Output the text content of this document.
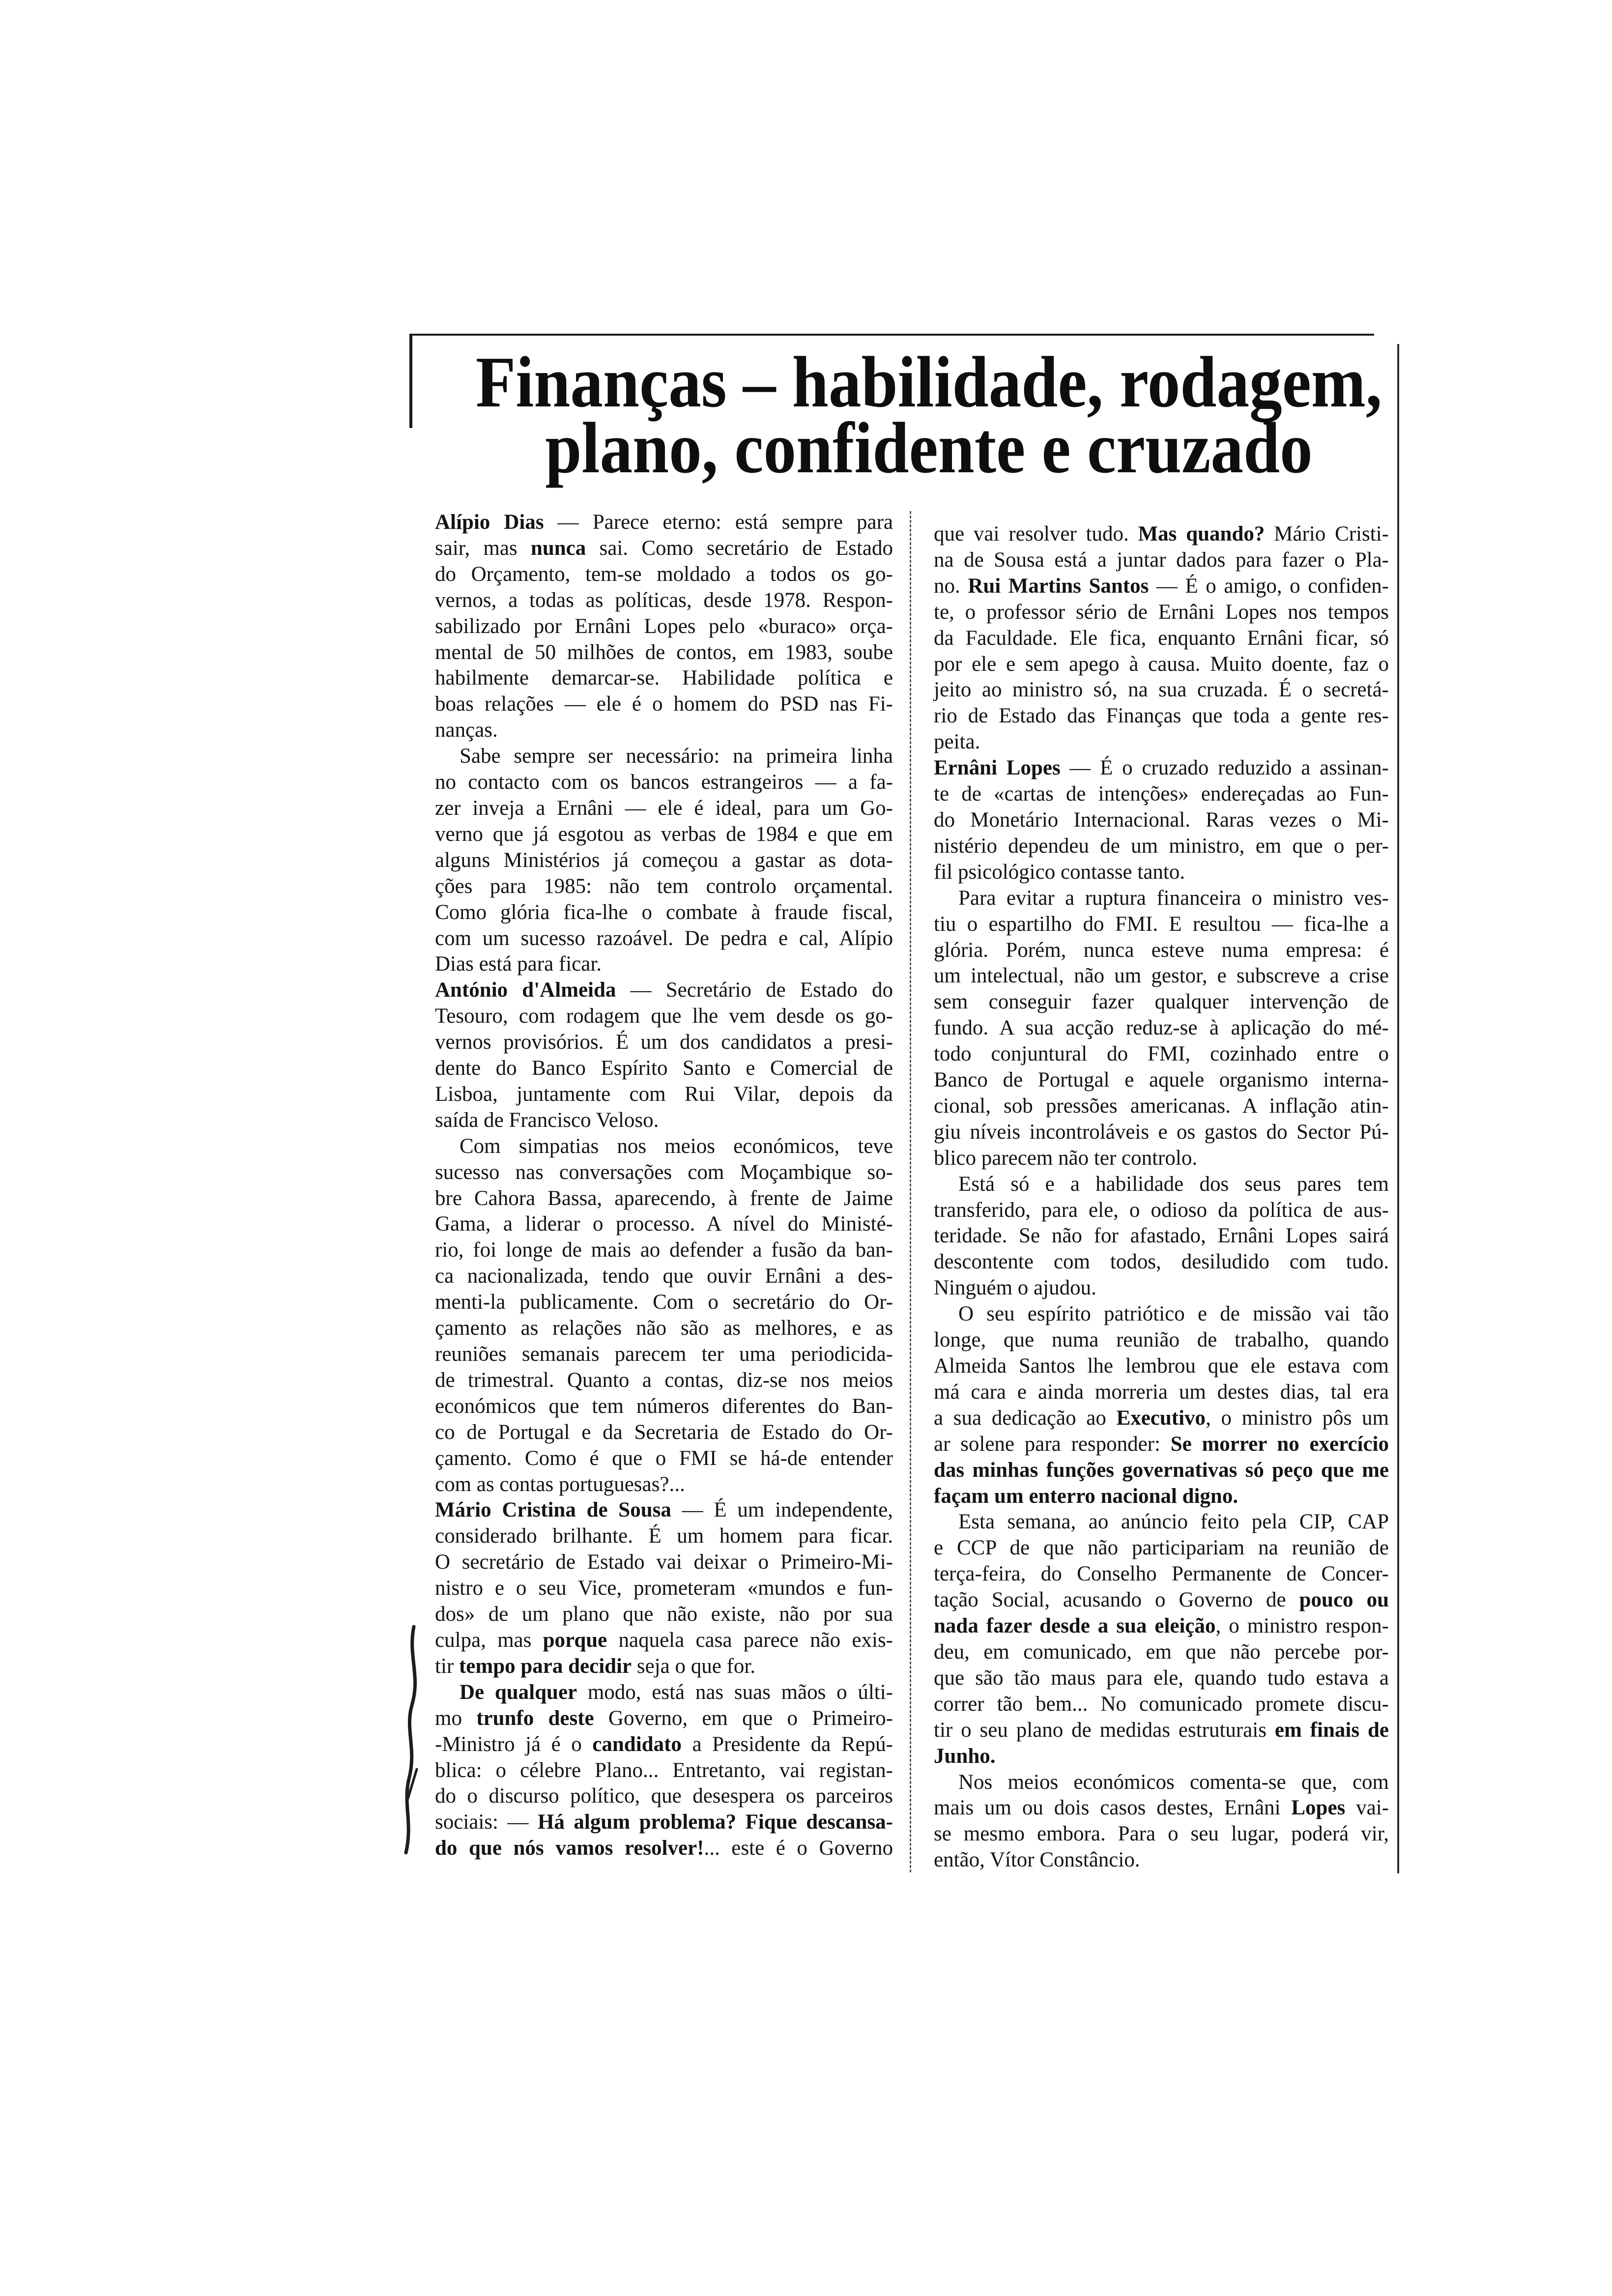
Finanças – habilidade, rodagem,
plano, confidente e cruzado
Alípio Dias — Parece eterno: está sempre para
sair, mas nunca sai. Como secretário de Estado
do Orçamento, tem-se moldado a todos os go-
vernos, a todas as políticas, desde 1978. Respon-
sabilizado por Ernâni Lopes pelo «buraco» orça-
mental de 50 milhões de contos, em 1983, soube
habilmente demarcar-se. Habilidade política e
boas relações — ele é o homem do PSD nas Fi-
nanças.
Sabe sempre ser necessário: na primeira linha
no contacto com os bancos estrangeiros — a fa-
zer inveja a Ernâni — ele é ideal, para um Go-
verno que já esgotou as verbas de 1984 e que em
alguns Ministérios já começou a gastar as dota-
ções para 1985: não tem controlo orçamental.
Como glória fica-lhe o combate à fraude fiscal,
com um sucesso razoável. De pedra e cal, Alípio
Dias está para ficar.
António d'Almeida — Secretário de Estado do
Tesouro, com rodagem que lhe vem desde os go-
vernos provisórios. É um dos candidatos a presi-
dente do Banco Espírito Santo e Comercial de
Lisboa, juntamente com Rui Vilar, depois da
saída de Francisco Veloso.
Com simpatias nos meios económicos, teve
sucesso nas conversações com Moçambique so-
bre Cahora Bassa, aparecendo, à frente de Jaime
Gama, a liderar o processo. A nível do Ministé-
rio, foi longe de mais ao defender a fusão da ban-
ca nacionalizada, tendo que ouvir Ernâni a des-
menti-la publicamente. Com o secretário do Or-
çamento as relações não são as melhores, e as
reuniões semanais parecem ter uma periodicida-
de trimestral. Quanto a contas, diz-se nos meios
económicos que tem números diferentes do Ban-
co de Portugal e da Secretaria de Estado do Or-
çamento. Como é que o FMI se há-de entender
com as contas portuguesas?...
Mário Cristina de Sousa — É um independente,
considerado brilhante. É um homem para ficar.
O secretário de Estado vai deixar o Primeiro-Mi-
nistro e o seu Vice, prometeram «mundos e fun-
dos» de um plano que não existe, não por sua
culpa, mas porque naquela casa parece não exis-
tir tempo para decidir seja o que for.
De qualquer modo, está nas suas mãos o últi-
mo trunfo deste Governo, em que o Primeiro-
-Ministro já é o candidato a Presidente da Repú-
blica: o célebre Plano... Entretanto, vai registan-
do o discurso político, que desespera os parceiros
sociais: — Há algum problema? Fique descansa-
do que nós vamos resolver!... este é o Governo
que vai resolver tudo. Mas quando? Mário Cristi-
na de Sousa está a juntar dados para fazer o Pla-
no. Rui Martins Santos — É o amigo, o confiden-
te, o professor sério de Ernâni Lopes nos tempos
da Faculdade. Ele fica, enquanto Ernâni ficar, só
por ele e sem apego à causa. Muito doente, faz o
jeito ao ministro só, na sua cruzada. É o secretá-
rio de Estado das Finanças que toda a gente res-
peita.
Ernâni Lopes — É o cruzado reduzido a assinan-
te de «cartas de intenções» endereçadas ao Fun-
do Monetário Internacional. Raras vezes o Mi-
nistério dependeu de um ministro, em que o per-
fil psicológico contasse tanto.
Para evitar a ruptura financeira o ministro ves-
tiu o espartilho do FMI. E resultou — fica-lhe a
glória. Porém, nunca esteve numa empresa: é
um intelectual, não um gestor, e subscreve a crise
sem conseguir fazer qualquer intervenção de
fundo. A sua acção reduz-se à aplicação do mé-
todo conjuntural do FMI, cozinhado entre o
Banco de Portugal e aquele organismo interna-
cional, sob pressões americanas. A inflação atin-
giu níveis incontroláveis e os gastos do Sector Pú-
blico parecem não ter controlo.
Está só e a habilidade dos seus pares tem
transferido, para ele, o odioso da política de aus-
teridade. Se não for afastado, Ernâni Lopes sairá
descontente com todos, desiludido com tudo.
Ninguém o ajudou.
O seu espírito patriótico e de missão vai tão
longe, que numa reunião de trabalho, quando
Almeida Santos lhe lembrou que ele estava com
má cara e ainda morreria um destes dias, tal era
a sua dedicação ao Executivo, o ministro pôs um
ar solene para responder: Se morrer no exercício
das minhas funções governativas só peço que me
façam um enterro nacional digno.
Esta semana, ao anúncio feito pela CIP, CAP
e CCP de que não participariam na reunião de
terça-feira, do Conselho Permanente de Concer-
tação Social, acusando o Governo de pouco ou
nada fazer desde a sua eleição, o ministro respon-
deu, em comunicado, em que não percebe por-
que são tão maus para ele, quando tudo estava a
correr tão bem... No comunicado promete discu-
tir o seu plano de medidas estruturais em finais de
Junho.
Nos meios económicos comenta-se que, com
mais um ou dois casos destes, Ernâni Lopes vai-
se mesmo embora. Para o seu lugar, poderá vir,
então, Vítor Constâncio.
